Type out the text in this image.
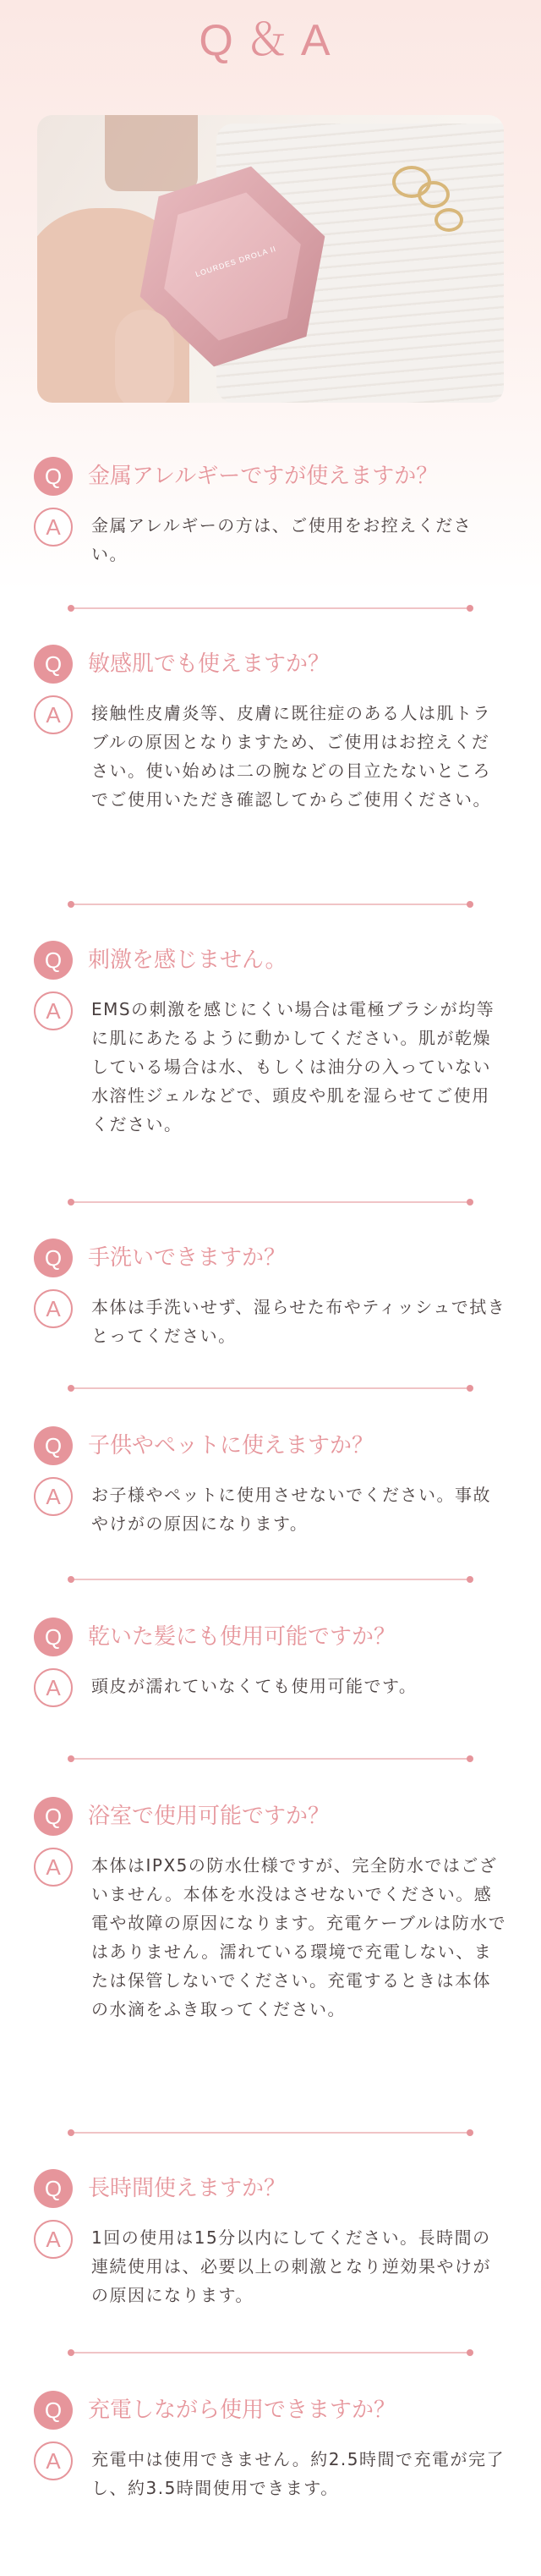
Q＆A
LOURDES DROLA II
Q	金属アレルギーですが使えますか？
A	金属アレルギーの方は、ご使用をお控えください。
Q	敏感肌でも使えますか？
A	接触性皮膚炎等、皮膚に既往症のある人は肌トラブルの原因となりますため、ご使用はお控えください。使い始めは二の腕などの目立たないところでご使用いただき確認してからご使用ください。
Q	刺激を感じません。
A	EMSの刺激を感じにくい場合は電極ブラシが均等に肌にあたるように動かしてください。肌が乾燥している場合は水、もしくは油分の入っていない水溶性ジェルなどで、頭皮や肌を湿らせてご使用ください。
Q	手洗いできますか？
A	本体は手洗いせず、湿らせた布やティッシュで拭きとってください。
Q	子供やペットに使えますか？
A	お子様やペットに使用させないでください。事故やけがの原因になります。
Q	乾いた髪にも使用可能ですか？
A	頭皮が濡れていなくても使用可能です。
Q	浴室で使用可能ですか？
A	本体はIPX5の防水仕様ですが、完全防水ではございません。本体を水没はさせないでください。感電や故障の原因になります。充電ケーブルは防水ではありません。濡れている環境で充電しない、または保管しないでください。充電するときは本体の水滴をふき取ってください。
Q	長時間使えますか？
A	1回の使用は15分以内にしてください。長時間の連続使用は、必要以上の刺激となり逆効果やけがの原因になります。
Q	充電しながら使用できますか？
A	充電中は使用できません。約2.5時間で充電が完了し、約3.5時間使用できます。
